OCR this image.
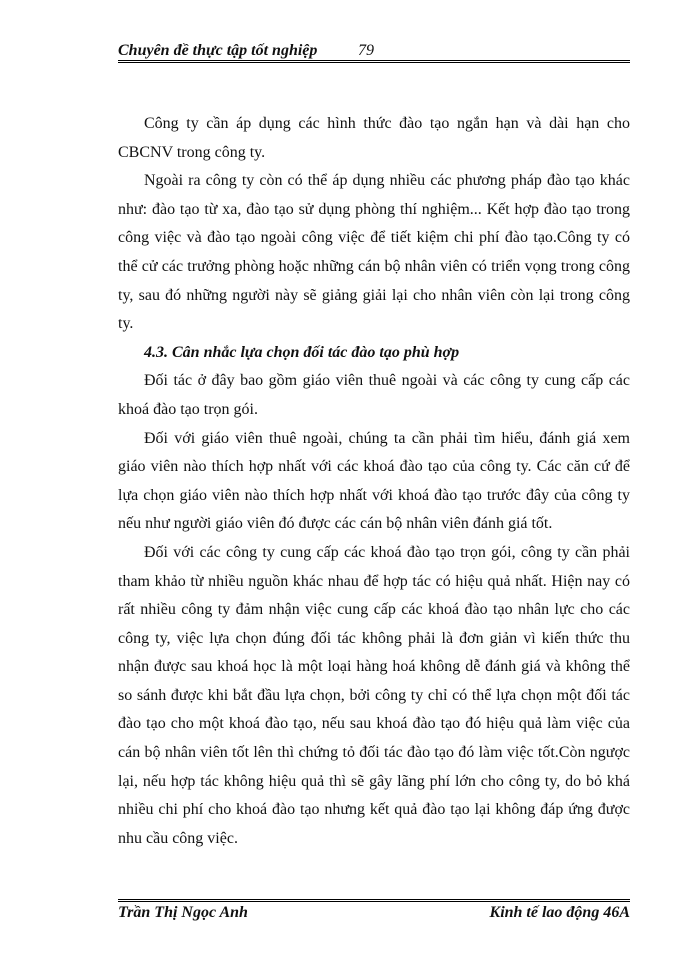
Chuyên đề thực tập tốt nghiệp	79

Công ty cần áp dụng các hình thức đào tạo ngắn hạn và dài hạn cho CBCNV trong công ty.

Ngoài ra công ty còn có thể áp dụng nhiều các phương pháp đào tạo khác như: đào tạo từ xa, đào tạo sử dụng phòng thí nghiệm... Kết hợp đào tạo trong công việc và đào tạo ngoài công việc để tiết kiệm chi phí đào tạo.Công ty có thể cử các trưởng phòng hoặc những cán bộ nhân viên có triển vọng trong công ty, sau đó những người này sẽ giảng giải lại cho nhân viên còn lại trong công ty.

4.3. Cân nhắc lựa chọn đối tác đào tạo phù hợp

Đối tác ở đây bao gồm giáo viên thuê ngoài và các công ty cung cấp các khoá đào tạo trọn gói.

Đối với giáo viên thuê ngoài, chúng ta cần phải tìm hiểu, đánh giá xem giáo viên nào thích hợp nhất với các khoá đào tạo của công ty. Các căn cứ để lựa chọn giáo viên nào thích hợp nhất với khoá đào tạo trước đây của công ty nếu như người giáo viên đó được các cán bộ nhân viên đánh giá tốt.

Đối với các công ty cung cấp các khoá đào tạo trọn gói, công ty cần phải tham khảo từ nhiều nguồn khác nhau để hợp tác có hiệu quả nhất. Hiện nay có rất nhiều công ty đảm nhận việc cung cấp các khoá đào tạo nhân lực cho các công ty, việc lựa chọn đúng đối tác không phải là đơn giản vì kiến thức thu nhận được sau khoá học là một loại hàng hoá không dễ đánh giá và không thể so sánh được khi bắt đầu lựa chọn, bởi công ty chỉ có thể lựa chọn một đối tác đào tạo cho một khoá đào tạo, nếu sau khoá đào tạo đó hiệu quả làm việc của cán bộ nhân viên tốt lên thì chứng tỏ đối tác đào tạo đó làm việc tốt.Còn ngược lại, nếu hợp tác không hiệu quả thì sẽ gây lãng phí lớn cho công ty, do bỏ khá nhiều chi phí cho khoá đào tạo nhưng kết quả đào tạo lại không đáp ứng được nhu cầu công việc.

Trần Thị Ngọc Anh	Kinh tế lao động 46A
